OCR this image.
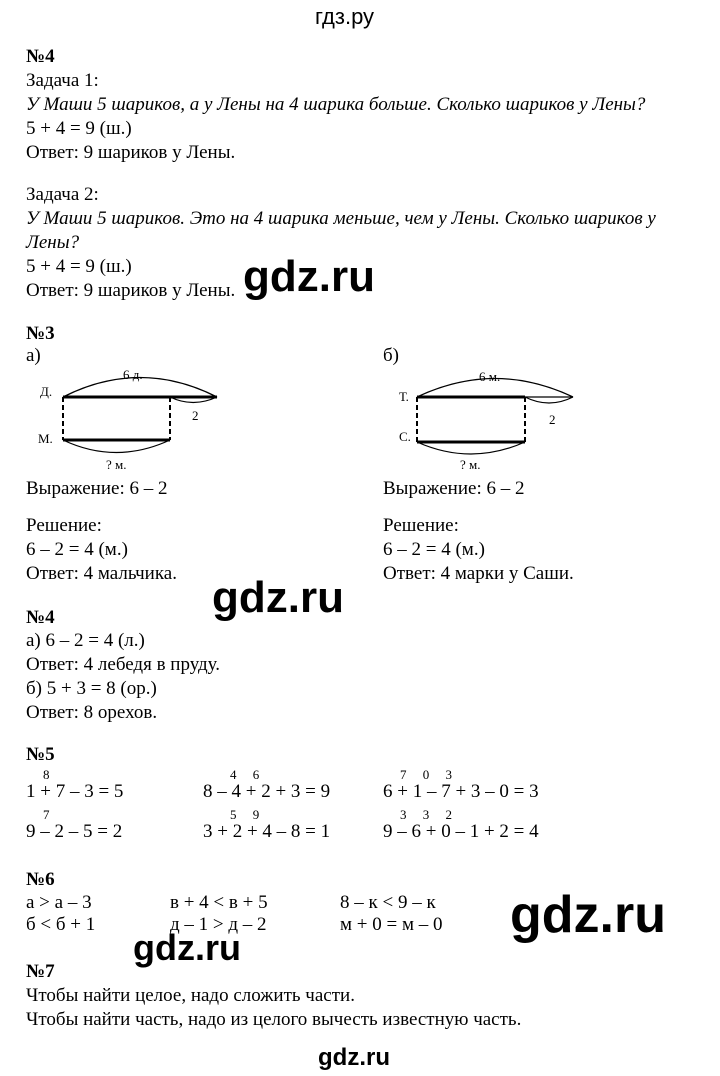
гдз.ру
№4
Задача 1:
У Маши 5 шариков, а у Лены на 4 шарика больше. Сколько шариков у Лены?
5 + 4 = 9 (ш.)
Ответ: 9 шариков у Лены.
Задача 2:
У Маши 5 шариков. Это на 4 шарика меньше, чем у Лены. Сколько шариков у
Лены?
5 + 4 = 9 (ш.)
Ответ: 9 шариков у Лены. gdz.ru
№3
а)	б)
Д.
М.
6 д.
2
? м.
Т.
С.
6 м.
2
? м.
Выражение: 6 – 2	Выражение: 6 – 2
Решение:	Решение:
6 – 2 = 4 (м.)	6 – 2 = 4 (м.)
Ответ: 4 мальчика.	Ответ: 4 марки у Саши.
gdz.ru
№4
а) 6 – 2 = 4 (л.)
Ответ: 4 лебедя в пруду.
б) 5 + 3 = 8 (ор.)
Ответ: 8 орехов.
№5
8	4     6	7     0     3
1 + 7 – 3 = 5	8 – 4 + 2 + 3 = 9	6 + 1 – 7 + 3 – 0 = 3
7	5     9	3     3     2
9 – 2 – 5 = 2	3 + 2 + 4 – 8 = 1	9 – 6 + 0 – 1 + 2 = 4
№6
а > а – 3	в + 4 < в + 5	8 – к < 9 – к
б < б + 1	д – 1 > д – 2	м + 0 = м – 0 gdz.ru
gdz.ru
№7
Чтобы найти целое, надо сложить части.
Чтобы найти часть, надо из целого вычесть известную часть.
gdz.ru
